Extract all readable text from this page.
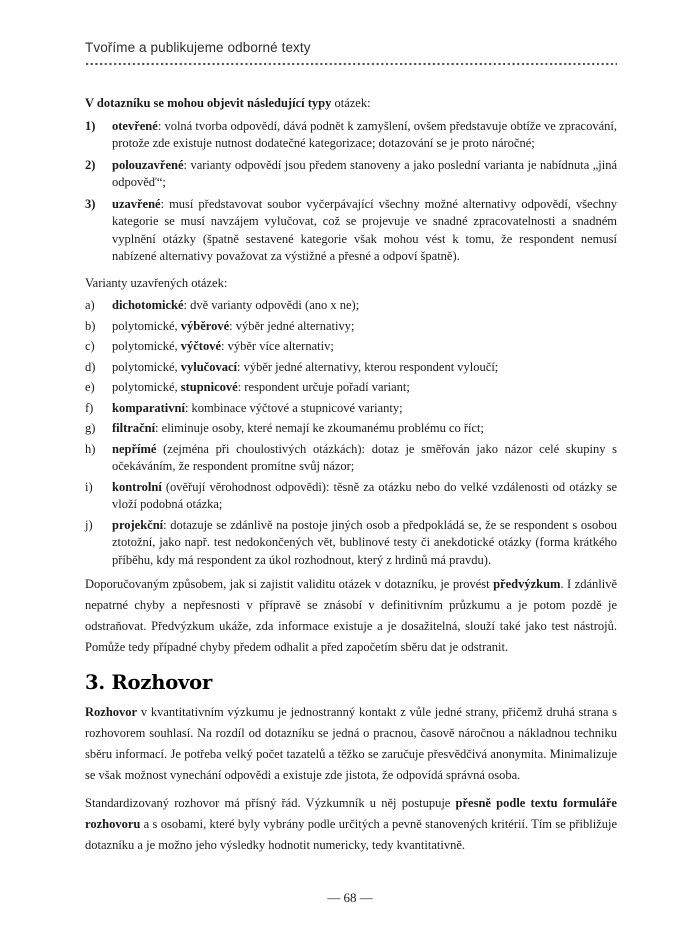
Tvoříme a publikujeme odborné texty
V dotazníku se mohou objevit následující typy otázek:
1)	otevřené: volná tvorba odpovědí, dává podnět k zamyšlení, ovšem představuje obtíže ve zpracování, protože zde existuje nutnost dodatečné kategorizace; dotazování se je proto náročné;
2)	polouzavřené: varianty odpovědí jsou předem stanoveny a jako poslední varianta je nabídnuta „jiná odpověď“;
3)	uzavřené: musí představovat soubor vyčerpávající všechny možné alternativy odpovědí, všechny kategorie se musí navzájem vylučovat, což se projevuje ve snadné zpracovatelnosti a snadném vyplnění otázky (špatně sestavené kategorie však mohou vést k tomu, že respondent nemusí nabízené alternativy považovat za výstižné a přesné a odpoví špatně).
Varianty uzavřených otázek:
a)	dichotomické: dvě varianty odpovědi (ano x ne);
b)	polytomické, výběrové: výběr jedné alternativy;
c)	polytomické, výčtové: výběr více alternativ;
d)	polytomické, vylučovací: výběr jedné alternativy, kterou respondent vyloučí;
e)	polytomické, stupnicové: respondent určuje pořadí variant;
f)	komparativní: kombinace výčtové a stupnicové varianty;
g)	filtrační: eliminuje osoby, které nemají ke zkoumanému problému co říct;
h)	nepřímé (zejména při choulostivých otázkách): dotaz je směřován jako názor celé skupiny s očekáváním, že respondent promítne svůj názor;
i)	kontrolní (ověřují věrohodnost odpovědi): těsně za otázku nebo do velké vzdálenosti od otázky se vloží podobná otázka;
j)	projekční: dotazuje se zdánlivě na postoje jiných osob a předpokládá se, že se respondent s osobou ztotožní, jako např. test nedokončených vět, bublinové testy či anekdotické otázky (forma krátkého příběhu, kdy má respondent za úkol rozhodnout, který z hrdinů má pravdu).
Doporučovaným způsobem, jak si zajistit validitu otázek v dotazníku, je provést předvýzkum. I zdánlivě nepatrné chyby a nepřesnosti v přípravě se znásobí v definitivním průzkumu a je potom pozdě je odstraňovat. Předvýzkum ukáže, zda informace existuje a je dosažitelná, slouží také jako test nástrojů. Pomůže tedy případné chyby předem odhalit a před započetím sběru dat je odstranit.
3. Rozhovor
Rozhovor v kvantitativním výzkumu je jednostranný kontakt z vůle jedné strany, přičemž druhá strana s rozhovorem souhlasí. Na rozdíl od dotazníku se jedná o pracnou, časově náročnou a nákladnou techniku sběru informací. Je potřeba velký počet tazatelů a těžko se zaručuje přesvědčivá anonymita. Minimalizuje se však možnost vynechání odpovědi a existuje zde jistota, že odpovídá správná osoba.
Standardizovaný rozhovor má přísný řád. Výzkumník u něj postupuje přesně podle textu formuláře rozhovoru a s osobami, které byly vybrány podle určitých a pevně stanovených kritérií. Tím se přibližuje dotazníku a je možno jeho výsledky hodnotit numericky, tedy kvantitativně.
— 68 —
